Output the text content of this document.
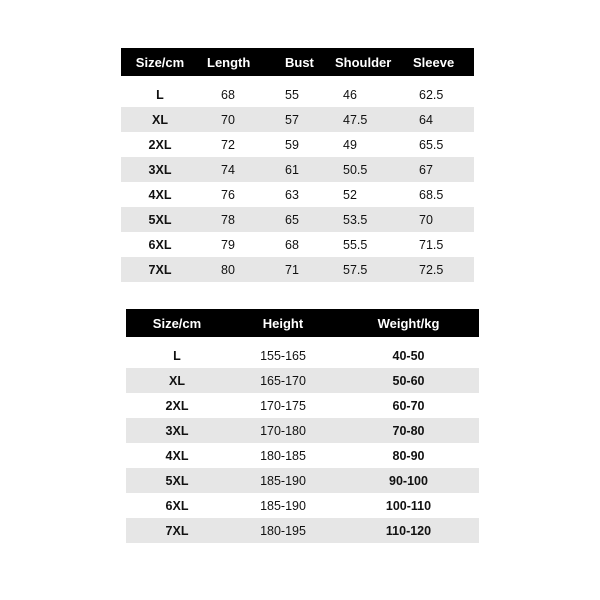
Size/cm	Length	Bust	Shoulder	Sleeve

L	68	55	46	62.5
XL	70	57	47.5	64
2XL	72	59	49	65.5
3XL	74	61	50.5	67
4XL	76	63	52	68.5
5XL	78	65	53.5	70
6XL	79	68	55.5	71.5
7XL	80	71	57.5	72.5
Size/cm	Height	Weight/kg

L	155-165	40-50
XL	165-170	50-60
2XL	170-175	60-70
3XL	170-180	70-80
4XL	180-185	80-90
5XL	185-190	90-100
6XL	185-190	100-110
7XL	180-195	110-120
